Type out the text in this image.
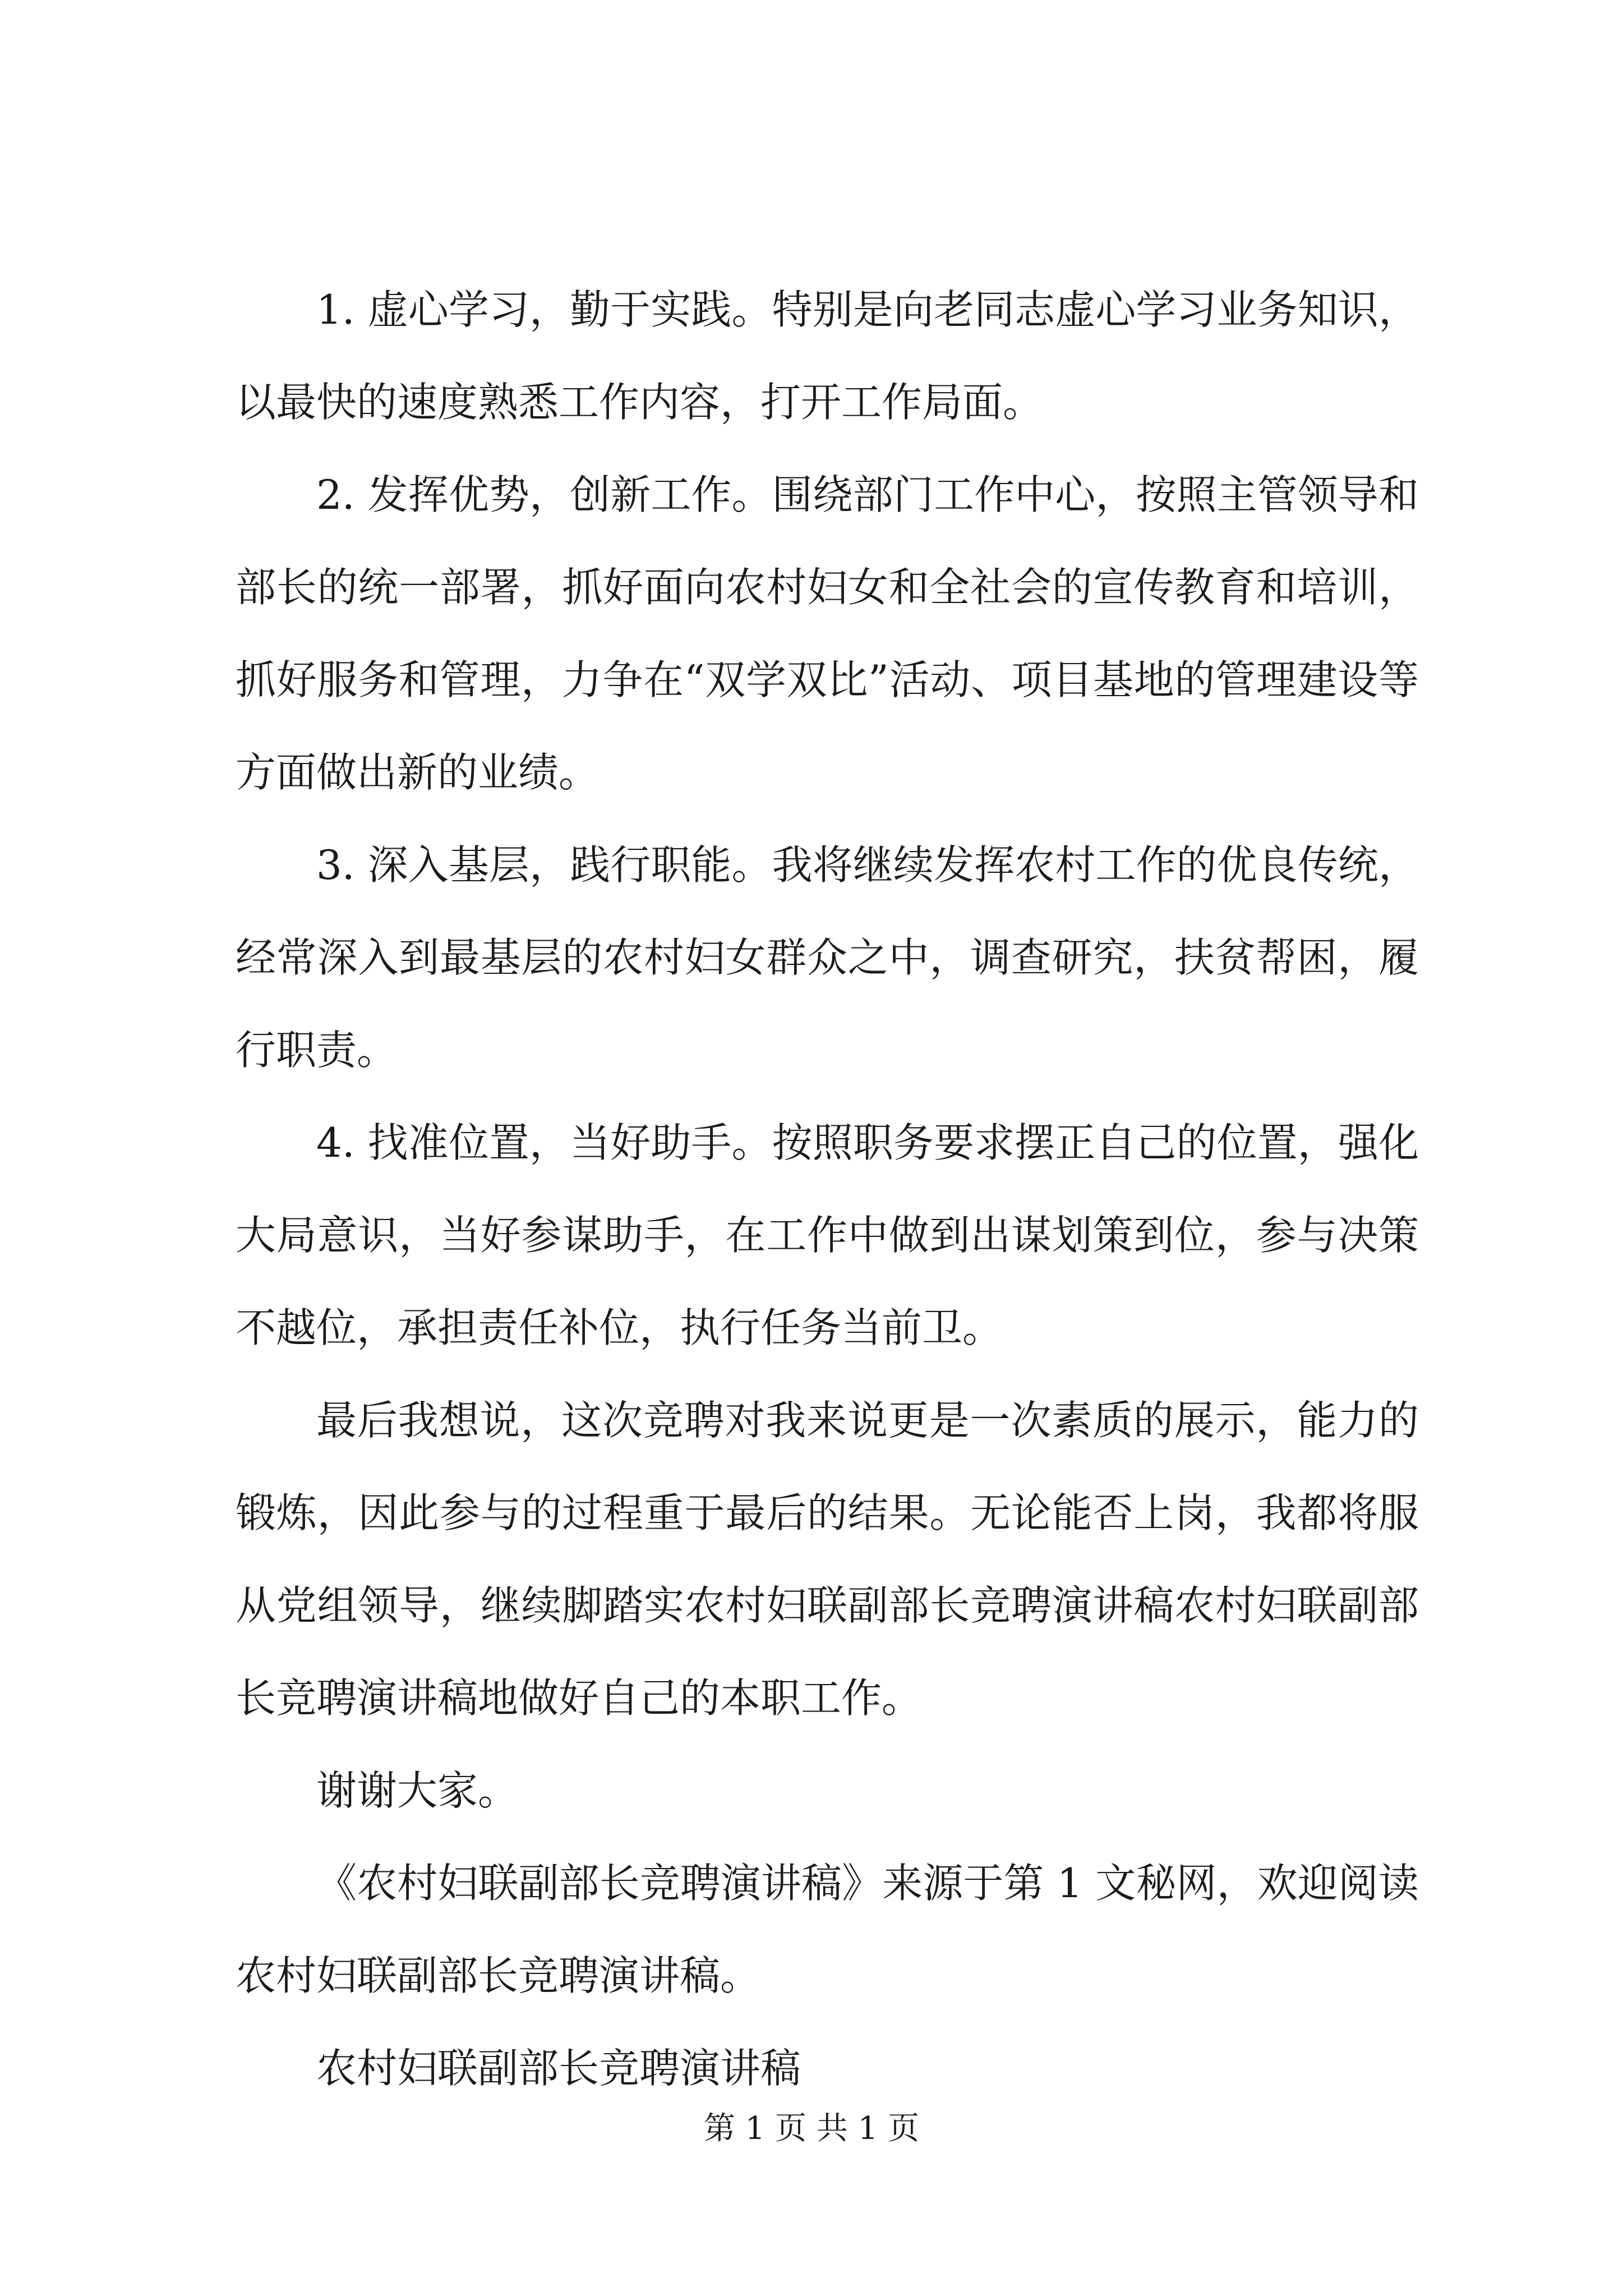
1. 虚心学习，勤于实践。特别是向老同志虚心学习业务知识，以最快的速度熟悉工作内容，打开工作局面。

2. 发挥优势，创新工作。围绕部门工作中心，按照主管领导和部长的统一部署，抓好面向农村妇女和全社会的宣传教育和培训，抓好服务和管理，力争在“双学双比”活动、项目基地的管理建设等方面做出新的业绩。

3. 深入基层，践行职能。我将继续发挥农村工作的优良传统，经常深入到最基层的农村妇女群众之中，调查研究，扶贫帮困，履行职责。

4. 找准位置，当好助手。按照职务要求摆正自己的位置，强化大局意识，当好参谋助手，在工作中做到出谋划策到位，参与决策不越位，承担责任补位，执行任务当前卫。

最后我想说，这次竞聘对我来说更是一次素质的展示，能力的锻炼，因此参与的过程重于最后的结果。无论能否上岗，我都将服从党组领导，继续脚踏实农村妇联副部长竞聘演讲稿农村妇联副部长竞聘演讲稿地做好自己的本职工作。

谢谢大家。

《农村妇联副部长竞聘演讲稿》来源于第 1 文秘网，欢迎阅读农村妇联副部长竞聘演讲稿。

农村妇联副部长竞聘演讲稿

第 1 页 共 1 页
